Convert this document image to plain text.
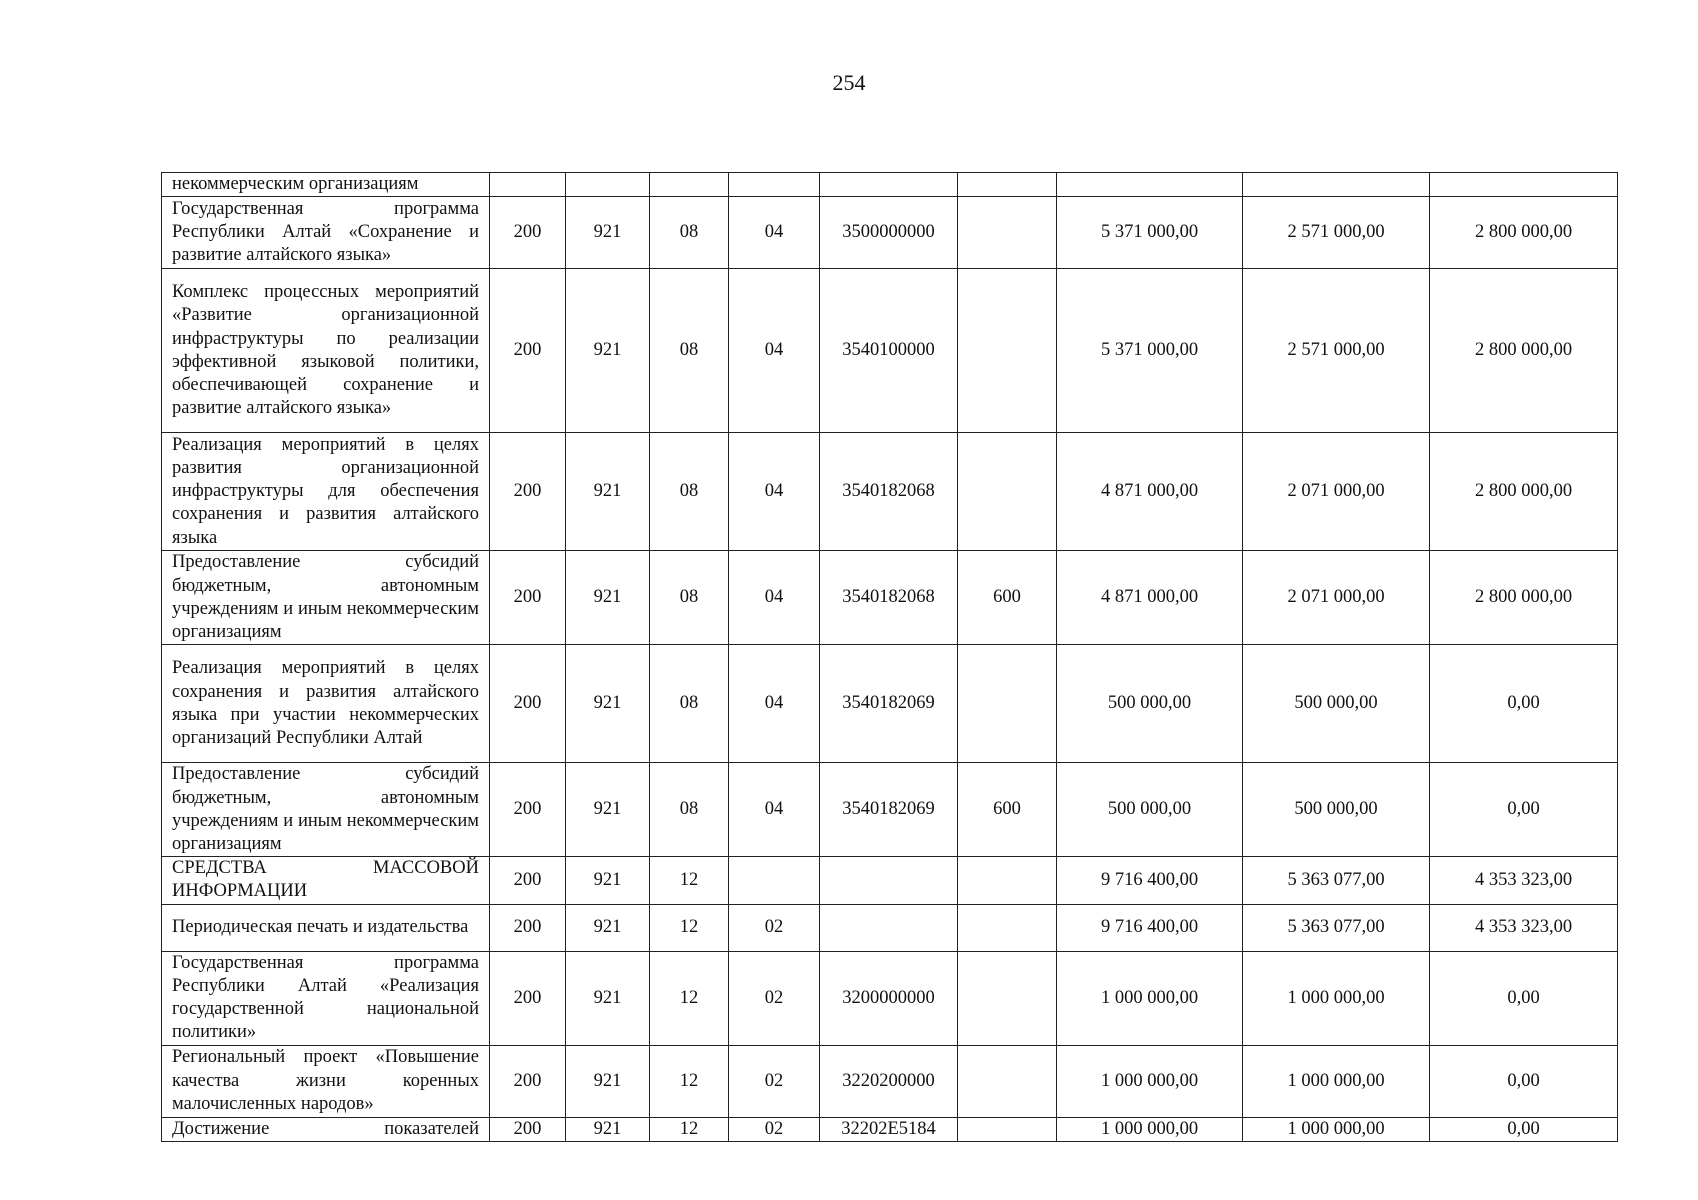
254
некоммерческим организациям									
Государственная программа Республики Алтай «Сохранение и развитие алтайского языка»	200	921	08	04	3500000000		5 371 000,00	2 571 000,00	2 800 000,00
Комплекс процессных мероприятий «Развитие организационной инфраструктуры по реализации эффективной языковой политики, обеспечивающей сохранение и развитие алтайского языка»	200	921	08	04	3540100000		5 371 000,00	2 571 000,00	2 800 000,00
Реализация мероприятий в целях развития организационной инфраструктуры для обеспечения сохранения и развития алтайского языка	200	921	08	04	3540182068		4 871 000,00	2 071 000,00	2 800 000,00
Предоставление субсидий бюджетным, автономным учреждениям и иным некоммерческим организациям	200	921	08	04	3540182068	600	4 871 000,00	2 071 000,00	2 800 000,00
Реализация мероприятий в целях сохранения и развития алтайского языка при участии некоммерческих организаций Республики Алтай	200	921	08	04	3540182069		500 000,00	500 000,00	0,00
Предоставление субсидий бюджетным, автономным учреждениям и иным некоммерческим организациям	200	921	08	04	3540182069	600	500 000,00	500 000,00	0,00
СРЕДСТВА МАССОВОЙ ИНФОРМАЦИИ	200	921	12				9 716 400,00	5 363 077,00	4 353 323,00
Периодическая печать и издательства	200	921	12	02			9 716 400,00	5 363 077,00	4 353 323,00
Государственная программа Республики Алтай «Реализация государственной национальной политики»	200	921	12	02	3200000000		1 000 000,00	1 000 000,00	0,00
Региональный проект «Повышение качества жизни коренных малочисленных народов»	200	921	12	02	3220200000		1 000 000,00	1 000 000,00	0,00
Достижение показателей	200	921	12	02	32202E5184		1 000 000,00	1 000 000,00	0,00
